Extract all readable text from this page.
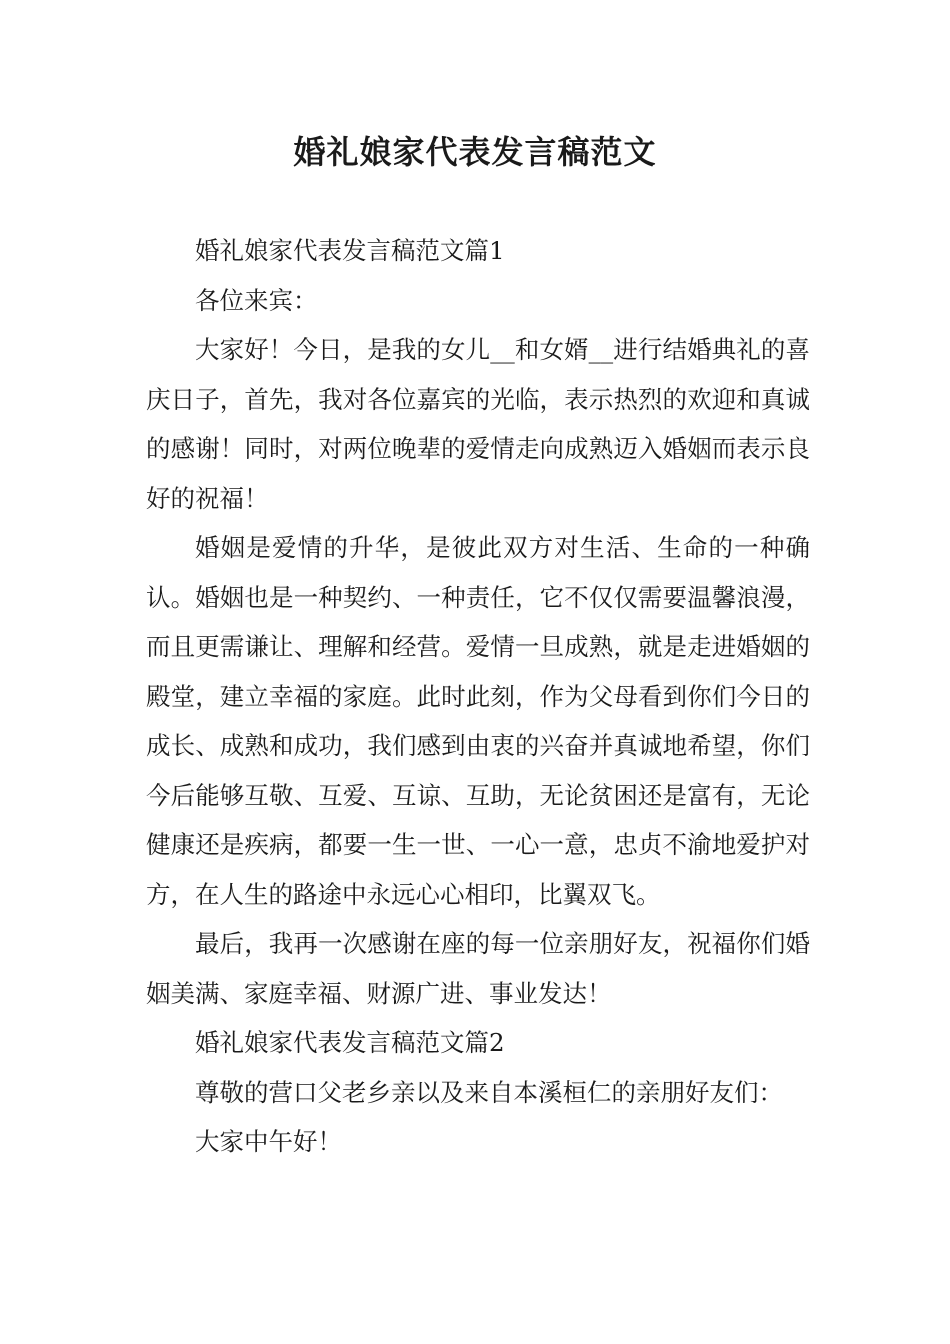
婚礼娘家代表发言稿范文

婚礼娘家代表发言稿范文篇1

各位来宾：

大家好！今日，是我的女儿__和女婿__进行结婚典礼的喜庆日子，首先，我对各位嘉宾的光临，表示热烈的欢迎和真诚的感谢！同时，对两位晚辈的爱情走向成熟迈入婚姻而表示良好的祝福！

婚姻是爱情的升华，是彼此双方对生活、生命的一种确认。婚姻也是一种契约、一种责任，它不仅仅需要温馨浪漫，而且更需谦让、理解和经营。爱情一旦成熟，就是走进婚姻的殿堂，建立幸福的家庭。此时此刻，作为父母看到你们今日的成长、成熟和成功，我们感到由衷的兴奋并真诚地希望，你们今后能够互敬、互爱、互谅、互助，无论贫困还是富有，无论健康还是疾病，都要一生一世、一心一意，忠贞不渝地爱护对方，在人生的路途中永远心心相印，比翼双飞。

最后，我再一次感谢在座的每一位亲朋好友，祝福你们婚姻美满、家庭幸福、财源广进、事业发达！

婚礼娘家代表发言稿范文篇2

尊敬的营口父老乡亲以及来自本溪桓仁的亲朋好友们：

大家中午好！
